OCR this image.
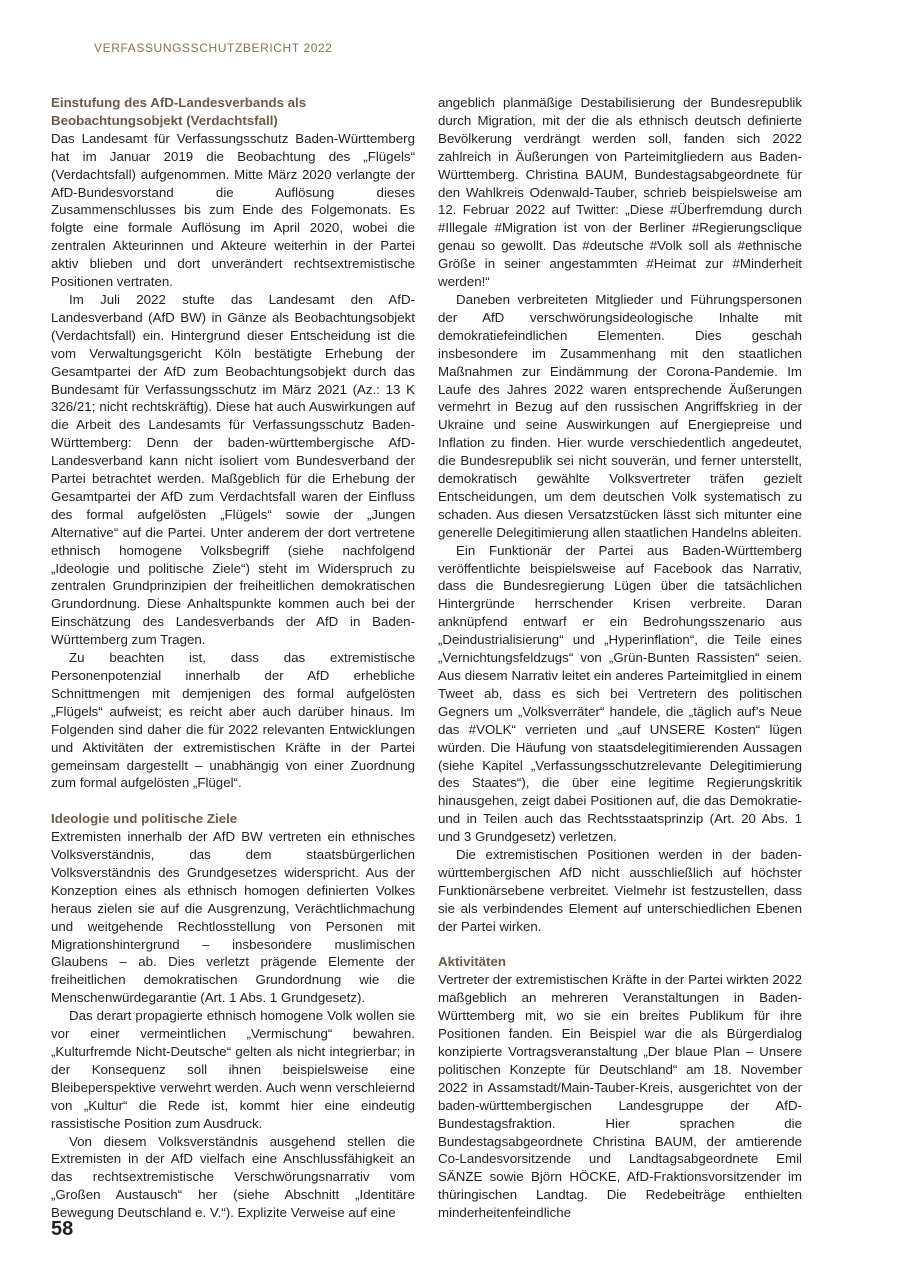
VERFASSUNGSSCHUTZBERICHT 2022
Einstufung des AfD-Landesverbands als Beobachtungsobjekt (Verdachtsfall)

Das Landesamt für Verfassungsschutz Baden-Württemberg hat im Januar 2019 die Beobachtung des „Flügels“ (Verdachtsfall) aufgenommen. Mitte März 2020 verlangte der AfD-Bundesvorstand die Auflösung dieses Zusammenschlusses bis zum Ende des Folgemonats. Es folgte eine formale Auflösung im April 2020, wobei die zentralen Akteurinnen und Akteure weiterhin in der Partei aktiv blieben und dort unverändert rechtsextremistische Positionen vertraten.

Im Juli 2022 stufte das Landesamt den AfD-Landesverband (AfD BW) in Gänze als Beobachtungsobjekt (Verdachtsfall) ein. Hintergrund dieser Entscheidung ist die vom Verwaltungsgericht Köln bestätigte Erhebung der Gesamtpartei der AfD zum Beobachtungsobjekt durch das Bundesamt für Verfassungsschutz im März 2021 (Az.: 13 K 326/21; nicht rechtskräftig). Diese hat auch Auswirkungen auf die Arbeit des Landesamts für Verfassungsschutz Baden-Württemberg: Denn der baden-württembergische AfD-Landesverband kann nicht isoliert vom Bundesverband der Partei betrachtet werden. Maßgeblich für die Erhebung der Gesamtpartei der AfD zum Verdachtsfall waren der Einfluss des formal aufgelösten „Flügels“ sowie der „Jungen Alternative“ auf die Partei. Unter anderem der dort vertretene ethnisch homogene Volksbegriff (siehe nachfolgend „Ideologie und politische Ziele“) steht im Widerspruch zu zentralen Grundprinzipien der freiheitlichen demokratischen Grundordnung. Diese Anhaltspunkte kommen auch bei der Einschätzung des Landesverbands der AfD in Baden-Württemberg zum Tragen.

Zu beachten ist, dass das extremistische Personenpotenzial innerhalb der AfD erhebliche Schnittmengen mit demjenigen des formal aufgelösten „Flügels“ aufweist; es reicht aber auch darüber hinaus. Im Folgenden sind daher die für 2022 relevanten Entwicklungen und Aktivitäten der extremistischen Kräfte in der Partei gemeinsam dargestellt – unabhängig von einer Zuordnung zum formal aufgelösten „Flügel“.

Ideologie und politische Ziele

Extremisten innerhalb der AfD BW vertreten ein ethnisches Volksverständnis, das dem staatsbürgerlichen Volksverständnis des Grundgesetzes widerspricht. Aus der Konzeption eines als ethnisch homogen definierten Volkes heraus zielen sie auf die Ausgrenzung, Verächtlichmachung und weitgehende Rechtlosstellung von Personen mit Migrationshintergrund – insbesondere muslimischen Glaubens – ab. Dies verletzt prägende Elemente der freiheitlichen demokratischen Grundordnung wie die Menschenwürdegarantie (Art. 1 Abs. 1 Grundgesetz).

Das derart propagierte ethnisch homogene Volk wollen sie vor einer vermeintlichen „Vermischung“ bewahren. „Kulturfremde Nicht-Deutsche“ gelten als nicht integrierbar; in der Konsequenz soll ihnen beispielsweise eine Bleibeperspektive verwehrt werden. Auch wenn verschleiernd von „Kultur“ die Rede ist, kommt hier eine eindeutig rassistische Position zum Ausdruck.

Von diesem Volksverständnis ausgehend stellen die Extremisten in der AfD vielfach eine Anschlussfähigkeit an das rechtsextremistische Verschwörungsnarrativ vom „Großen Austausch“ her (siehe Abschnitt „Identitäre Bewegung Deutschland e. V.“). Explizite Verweise auf eine

angeblich planmäßige Destabilisierung der Bundesrepublik durch Migration, mit der die als ethnisch deutsch definierte Bevölkerung verdrängt werden soll, fanden sich 2022 zahlreich in Äußerungen von Parteimitgliedern aus Baden-Württemberg. Christina BAUM, Bundestagsabgeordnete für den Wahlkreis Odenwald-Tauber, schrieb beispielsweise am 12. Februar 2022 auf Twitter: „Diese #Überfremdung durch #Illegale #Migration ist von der Berliner #Regierungsclique genau so gewollt. Das #deutsche #Volk soll als #ethnische Größe in seiner angestammten #Heimat zur #Minderheit werden!“

Daneben verbreiteten Mitglieder und Führungspersonen der AfD verschwörungsideologische Inhalte mit demokratiefeindlichen Elementen. Dies geschah insbesondere im Zusammenhang mit den staatlichen Maßnahmen zur Eindämmung der Corona-Pandemie. Im Laufe des Jahres 2022 waren entsprechende Äußerungen vermehrt in Bezug auf den russischen Angriffskrieg in der Ukraine und seine Auswirkungen auf Energiepreise und Inflation zu finden. Hier wurde verschiedentlich angedeutet, die Bundesrepublik sei nicht souverän, und ferner unterstellt, demokratisch gewählte Volksvertreter träfen gezielt Entscheidungen, um dem deutschen Volk systematisch zu schaden. Aus diesen Versatzstücken lässt sich mitunter eine generelle Delegitimierung allen staatlichen Handelns ableiten.

Ein Funktionär der Partei aus Baden-Württemberg veröffentlichte beispielsweise auf Facebook das Narrativ, dass die Bundesregierung Lügen über die tatsächlichen Hintergründe herrschender Krisen verbreite. Daran anknüpfend entwarf er ein Bedrohungsszenario aus „Deindustrialisierung“ und „Hyperinflation“, die Teile eines „Vernichtungsfeldzugs“ von „Grün-Bunten Rassisten“ seien. Aus diesem Narrativ leitet ein anderes Parteimitglied in einem Tweet ab, dass es sich bei Vertretern des politischen Gegners um „Volksverräter“ handele, die „täglich auf’s Neue das #VOLK“ verrieten und „auf UNSERE Kosten“ lügen würden. Die Häufung von staatsdelegitimierenden Aussagen (siehe Kapitel „Verfassungsschutzrelevante Delegitimierung des Staates“), die über eine legitime Regierungskritik hinausgehen, zeigt dabei Positionen auf, die das Demokratie- und in Teilen auch das Rechtsstaatsprinzip (Art. 20 Abs. 1 und 3 Grundgesetz) verletzen.

Die extremistischen Positionen werden in der baden-württembergischen AfD nicht ausschließlich auf höchster Funktionärsebene verbreitet. Vielmehr ist festzustellen, dass sie als verbindendes Element auf unterschiedlichen Ebenen der Partei wirken.

Aktivitäten

Vertreter der extremistischen Kräfte in der Partei wirkten 2022 maßgeblich an mehreren Veranstaltungen in Baden-Württemberg mit, wo sie ein breites Publikum für ihre Positionen fanden. Ein Beispiel war die als Bürgerdialog konzipierte Vortragsveranstaltung „Der blaue Plan – Unsere politischen Konzepte für Deutschland“ am 18. November 2022 in Assamstadt/Main-Tauber-Kreis, ausgerichtet von der baden-württembergischen Landesgruppe der AfD-Bundestagsfraktion. Hier sprachen die Bundestagsabgeordnete Christina BAUM, der amtierende Co-Landesvorsitzende und Landtagsabgeordnete Emil SÄNZE sowie Björn HÖCKE, AfD-Fraktionsvorsitzender im thüringischen Landtag. Die Redebeiträge enthielten minderheitenfeindliche

58
